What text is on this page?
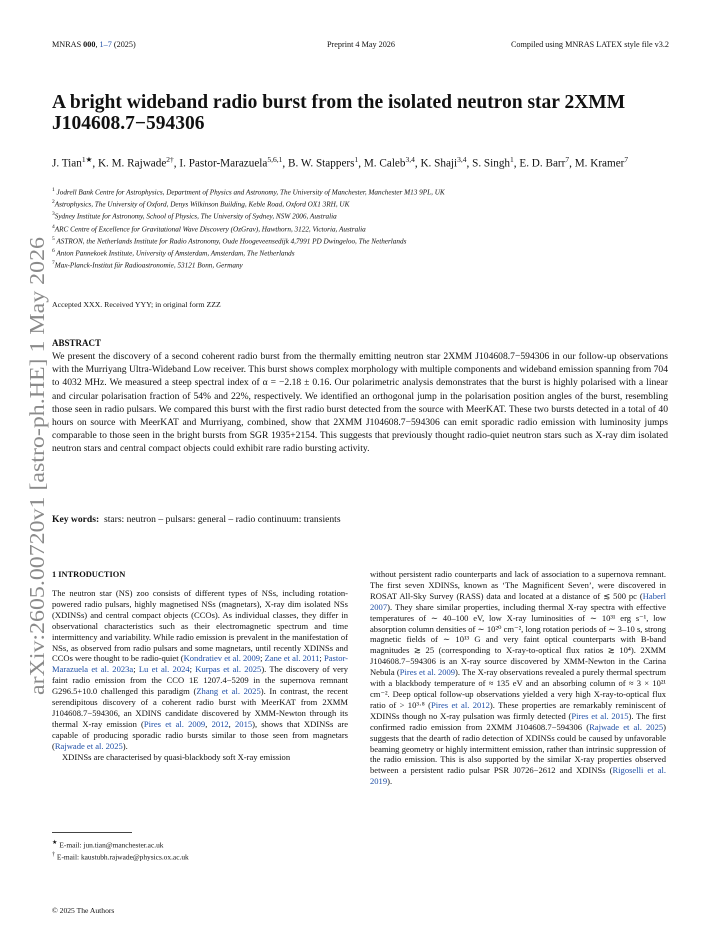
MNRAS 000, 1–7 (2025)	Preprint 4 May 2026	Compiled using MNRAS LATEX style file v3.2
arXiv:2605.00720v1 [astro-ph.HE] 1 May 2026
A bright wideband radio burst from the isolated neutron star 2XMM J104608.7−594306
J. Tian$^{1★}$, K. M. Rajwade$^{2\dagger}$, I. Pastor-Marazuela$^{5,6,1}$, B. W. Stappers$^1$, M. Caleb$^{3,4}$, K. Shaji$^{3,4}$, S. Singh$^1$, E. D. Barr$^7$, M. Kramer$^7$
$^1$ Jodrell Bank Centre for Astrophysics, Department of Physics and Astronomy, The University of Manchester, Manchester M13 9PL, UK
$^2$Astrophysics, The University of Oxford, Denys Wilkinson Building, Keble Road, Oxford OX1 3RH, UK
$^3$Sydney Institute for Astronomy, School of Physics, The University of Sydney, NSW 2006, Australia
$^4$ARC Centre of Excellence for Gravitational Wave Discovery (OzGrav), Hawthorn, 3122, Victoria, Australia
$^5$ ASTRON, the Netherlands Institute for Radio Astronomy, Oude Hoogeveensedijk 4,7991 PD Dwingeloo, The Netherlands
$^6$ Anton Pannekoek Institute, University of Amsterdam, Amsterdam, The Netherlands
$^7$Max-Planck-Institut für Radioastronomie, 53121 Bonn, Germany
Accepted XXX. Received YYY; in original form ZZZ
ABSTRACT
We present the discovery of a second coherent radio burst from the thermally emitting neutron star 2XMM J104608.7−594306 in our follow-up observations with the Murriyang Ultra-Wideband Low receiver. This burst shows complex morphology with multiple components and wideband emission spanning from 704 to 4032 MHz. We measured a steep spectral index of α = −2.18 ± 0.16. Our polarimetric analysis demonstrates that the burst is highly polarised with a linear and circular polarisation fraction of 54% and 22%, respectively. We identified an orthogonal jump in the polarisation position angles of the burst, resembling those seen in radio pulsars. We compared this burst with the first radio burst detected from the source with MeerKAT. These two bursts detected in a total of 40 hours on source with MeerKAT and Murriyang, combined, show that 2XMM J104608.7−594306 can emit sporadic radio emission with luminosity jumps comparable to those seen in the bright bursts from SGR 1935+2154. This suggests that previously thought radio-quiet neutron stars such as X-ray dim isolated neutron stars and central compact objects could exhibit rare radio bursting activity.
Key words: stars: neutron – pulsars: general – radio continuum: transients
1 INTRODUCTION

The neutron star (NS) zoo consists of different types of NSs, including rotation-powered radio pulsars, highly magnetised NSs (magnetars), X-ray dim isolated NSs (XDINSs) and central compact objects (CCOs). As individual classes, they differ in observational characteristics such as their electromagnetic spectrum and time intermittency and variability. While radio emission is prevalent in the manifestation of NSs, as observed from radio pulsars and some magnetars, until recently XDINSs and CCOs were thought to be radio-quiet (Kondratiev et al. 2009; Zane et al. 2011; Pastor-Marazuela et al. 2023a; Lu et al. 2024; Kurpas et al. 2025). The discovery of very faint radio emission from the CCO 1E 1207.4−5209 in the supernova remnant G296.5+10.0 challenged this paradigm (Zhang et al. 2025). In contrast, the recent serendipitous discovery of a coherent radio burst with MeerKAT from 2XMM J104608.7−594306, an XDINS candidate discovered by XMM-Newton through its thermal X-ray emission (Pires et al. 2009, 2012, 2015), shows that XDINSs are capable of producing sporadic radio bursts similar to those seen from magnetars (Rajwade et al. 2025).

XDINSs are characterised by quasi-blackbody soft X-ray emission

without persistent radio counterparts and lack of association to a supernova remnant. The first seven XDINSs, known as ‘The Magnificent Seven’, were discovered in ROSAT All-Sky Survey (RASS) data and located at a distance of ≲ 500 pc (Haberl 2007). They share similar properties, including thermal X-ray spectra with effective temperatures of ∼ 40–100 eV, low X-ray luminosities of ∼ 10³¹ erg s⁻¹, low absorption column densities of ∼ 10²⁰ cm⁻², long rotation periods of ∼ 3–10 s, strong magnetic fields of ∼ 10¹³ G and very faint optical counterparts with B-band magnitudes ≳ 25 (corresponding to X-ray-to-optical flux ratios ≳ 10⁴). 2XMM J104608.7−594306 is an X-ray source discovered by XMM-Newton in the Carina Nebula (Pires et al. 2009). The X-ray observations revealed a purely thermal spectrum with a blackbody temperature of ≈ 135 eV and an absorbing column of ≈ 3 × 10²¹ cm⁻². Deep optical follow-up observations yielded a very high X-ray-to-optical flux ratio of > 10³·⁸ (Pires et al. 2012). These properties are remarkably reminiscent of XDINSs though no X-ray pulsation was firmly detected (Pires et al. 2015). The first confirmed radio emission from 2XMM J104608.7−594306 (Rajwade et al. 2025) suggests that the dearth of radio detection of XDINSs could be caused by unfavorable beaming geometry or highly intermittent emission, rather than intrinsic suppression of the radio emission. This is also supported by the similar X-ray properties observed between a persistent radio pulsar PSR J0726−2612 and XDINSs (Rigoselli et al. 2019).

★ E-mail: jun.tian@manchester.ac.uk
† E-mail: kaustubh.rajwade@physics.ox.ac.uk
© 2025 The Authors
